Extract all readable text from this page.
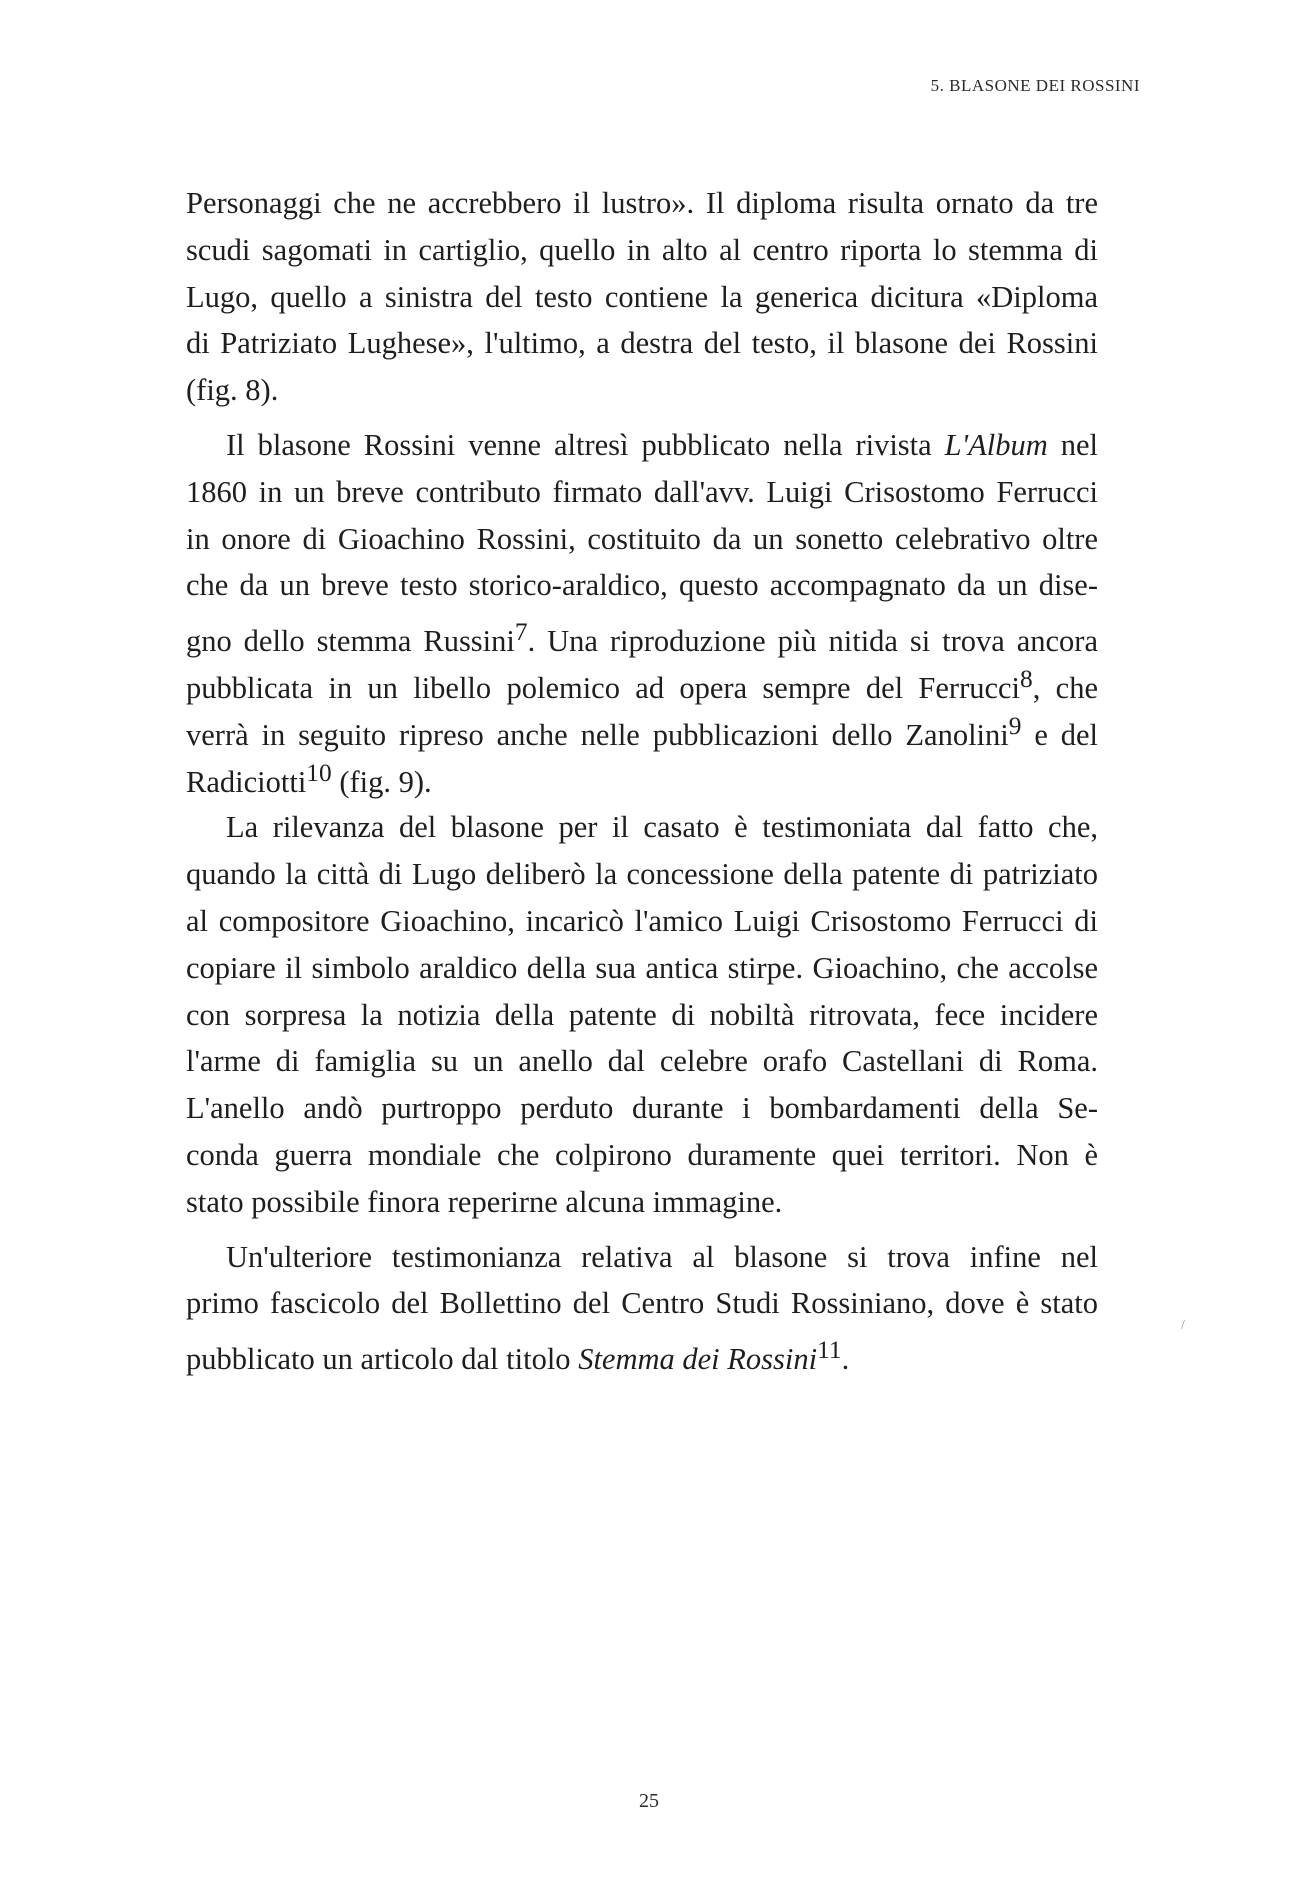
5. BLASONE DEI ROSSINI
Personaggi che ne accrebbero il lustro». Il diploma risulta ornato da tre
scudi sagomati in cartiglio, quello in alto al centro riporta lo stemma di
Lugo, quello a sinistra del testo contiene la generica dicitura «Diploma
di Patriziato Lughese», l'ultimo, a destra del testo, il blasone dei Rossini
(fig. 8).
Il blasone Rossini venne altresì pubblicato nella rivista L'Album nel
1860 in un breve contributo firmato dall'avv. Luigi Crisostomo Ferrucci
in onore di Gioachino Rossini, costituito da un sonetto celebrativo oltre
che da un breve testo storico-araldico, questo accompagnato da un dise-
gno dello stemma Russini$^7$. Una riproduzione più nitida si trova ancora
pubblicata in un libello polemico ad opera sempre del Ferrucci$^8$, che
verrà in seguito ripreso anche nelle pubblicazioni dello Zanolini$^9$ e del
Radiciotti$^{10}$ (fig. 9).
La rilevanza del blasone per il casato è testimoniata dal fatto che,
quando la città di Lugo deliberò la concessione della patente di patriziato
al compositore Gioachino, incaricò l'amico Luigi Crisostomo Ferrucci di
copiare il simbolo araldico della sua antica stirpe. Gioachino, che accolse
con sorpresa la notizia della patente di nobiltà ritrovata, fece incidere
l'arme di famiglia su un anello dal celebre orafo Castellani di Roma.
L'anello andò purtroppo perduto durante i bombardamenti della Se-
conda guerra mondiale che colpirono duramente quei territori. Non è
stato possibile finora reperirne alcuna immagine.
Un'ulteriore testimonianza relativa al blasone si trova infine nel
primo fascicolo del Bollettino del Centro Studi Rossiniano, dove è stato
pubblicato un articolo dal titolo Stemma dei Rossini$^{11}$.
/
25
